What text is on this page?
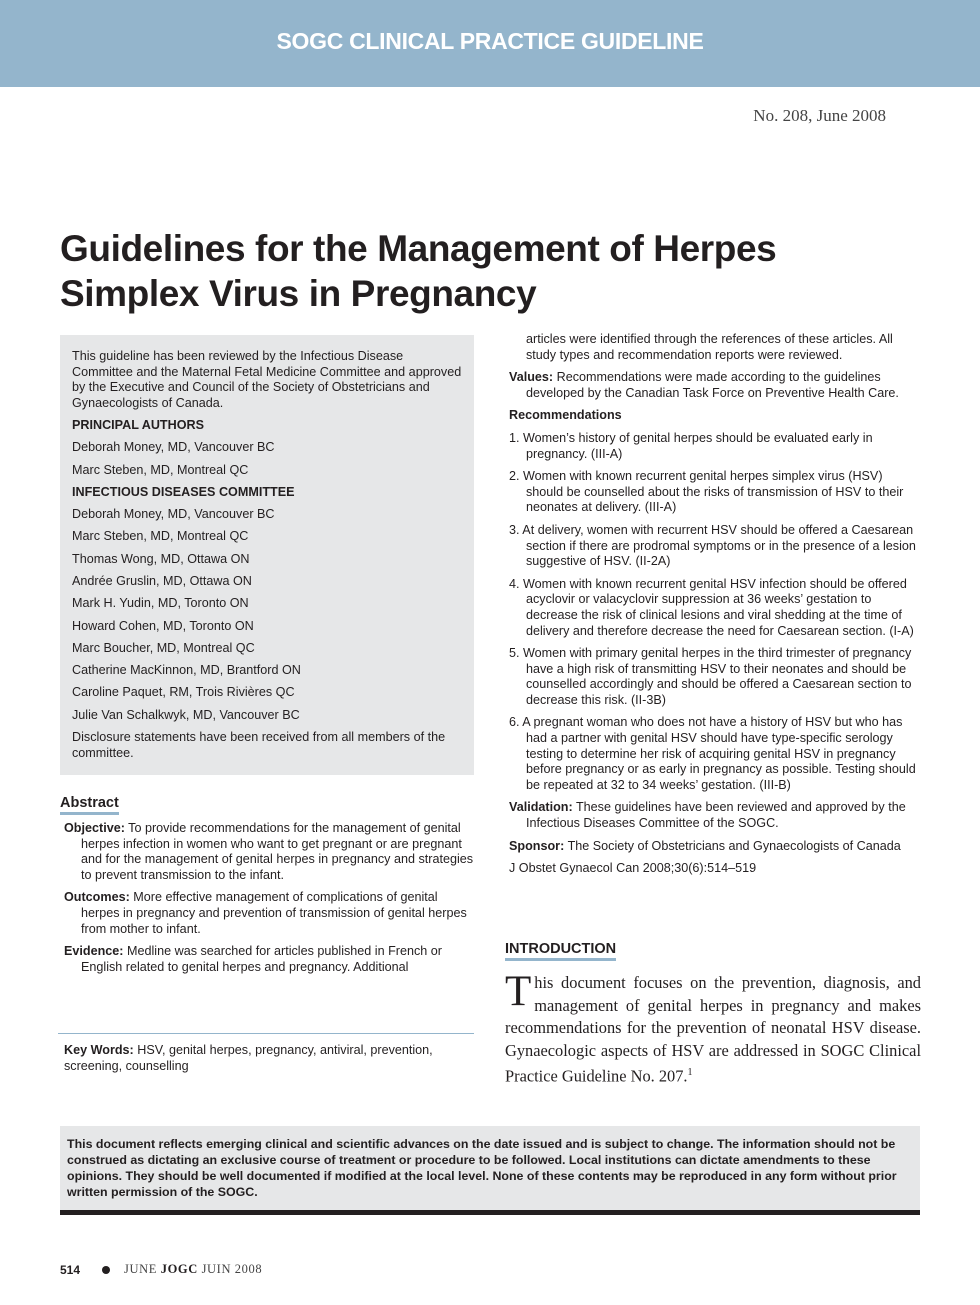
SOGC CLINICAL PRACTICE GUIDELINE
No. 208, June 2008
Guidelines for the Management of Herpes
Simplex Virus in Pregnancy

This guideline has been reviewed by the Infectious Disease Committee and the Maternal Fetal Medicine Committee and approved by the Executive and Council of the Society of Obstetricians and Gynaecologists of Canada.

PRINCIPAL AUTHORS

Deborah Money, MD, Vancouver BC

Marc Steben, MD, Montreal QC

INFECTIOUS DISEASES COMMITTEE

Deborah Money, MD, Vancouver BC

Marc Steben, MD, Montreal QC

Thomas Wong, MD, Ottawa ON

Andrée Gruslin, MD, Ottawa ON

Mark H. Yudin, MD, Toronto ON

Howard Cohen, MD, Toronto ON

Marc Boucher, MD, Montreal QC

Catherine MacKinnon, MD, Brantford ON

Caroline Paquet, RM, Trois Rivières QC

Julie Van Schalkwyk, MD, Vancouver BC

Disclosure statements have been received from all members of the committee.

Abstract

Objective: To provide recommendations for the management of genital herpes infection in women who want to get pregnant or are pregnant and for the management of genital herpes in pregnancy and strategies to prevent transmission to the infant.

Outcomes: More effective management of complications of genital herpes in pregnancy and prevention of transmission of genital herpes from mother to infant.

Evidence: Medline was searched for articles published in French or English related to genital herpes and pregnancy. Additional

Key Words: HSV, genital herpes, pregnancy, antiviral, prevention, screening, counselling

articles were identified through the references of these articles. All study types and recommendation reports were reviewed.

Values: Recommendations were made according to the guidelines developed by the Canadian Task Force on Preventive Health Care.

Recommendations

1. Women’s history of genital herpes should be evaluated early in pregnancy. (III-A)

2. Women with known recurrent genital herpes simplex virus (HSV) should be counselled about the risks of transmission of HSV to their neonates at delivery. (III-A)

3. At delivery, women with recurrent HSV should be offered a Caesarean section if there are prodromal symptoms or in the presence of a lesion suggestive of HSV. (II-2A)

4. Women with known recurrent genital HSV infection should be offered acyclovir or valacyclovir suppression at 36 weeks’ gestation to decrease the risk of clinical lesions and viral shedding at the time of delivery and therefore decrease the need for Caesarean section. (I-A)

5. Women with primary genital herpes in the third trimester of pregnancy have a high risk of transmitting HSV to their neonates and should be counselled accordingly and should be offered a Caesarean section to decrease this risk. (II-3B)

6. A pregnant woman who does not have a history of HSV but who has had a partner with genital HSV should have type-specific serology testing to determine her risk of acquiring genital HSV in pregnancy before pregnancy or as early in pregnancy as possible. Testing should be repeated at 32 to 34 weeks’ gestation. (III-B)

Validation: These guidelines have been reviewed and approved by the Infectious Diseases Committee of the SOGC.

Sponsor: The Society of Obstetricians and Gynaecologists of Canada

J Obstet Gynaecol Can 2008;30(6):514–519

INTRODUCTION
This document focuses on the prevention, diagnosis, and management of genital herpes in pregnancy and makes recommendations for the prevention of neonatal HSV disease. Gynaecologic aspects of HSV are addressed in SOGC Clinical Practice Guideline No. 207.$^1$
This document reflects emerging clinical and scientific advances on the date issued and is subject to change. The information should not be construed as dictating an exclusive course of treatment or procedure to be followed. Local institutions can dictate amendments to these opinions. They should be well documented if modified at the local level. None of these contents may be reproduced in any form without prior written permission of the SOGC.
514	JUNE JOGC JUIN 2008
